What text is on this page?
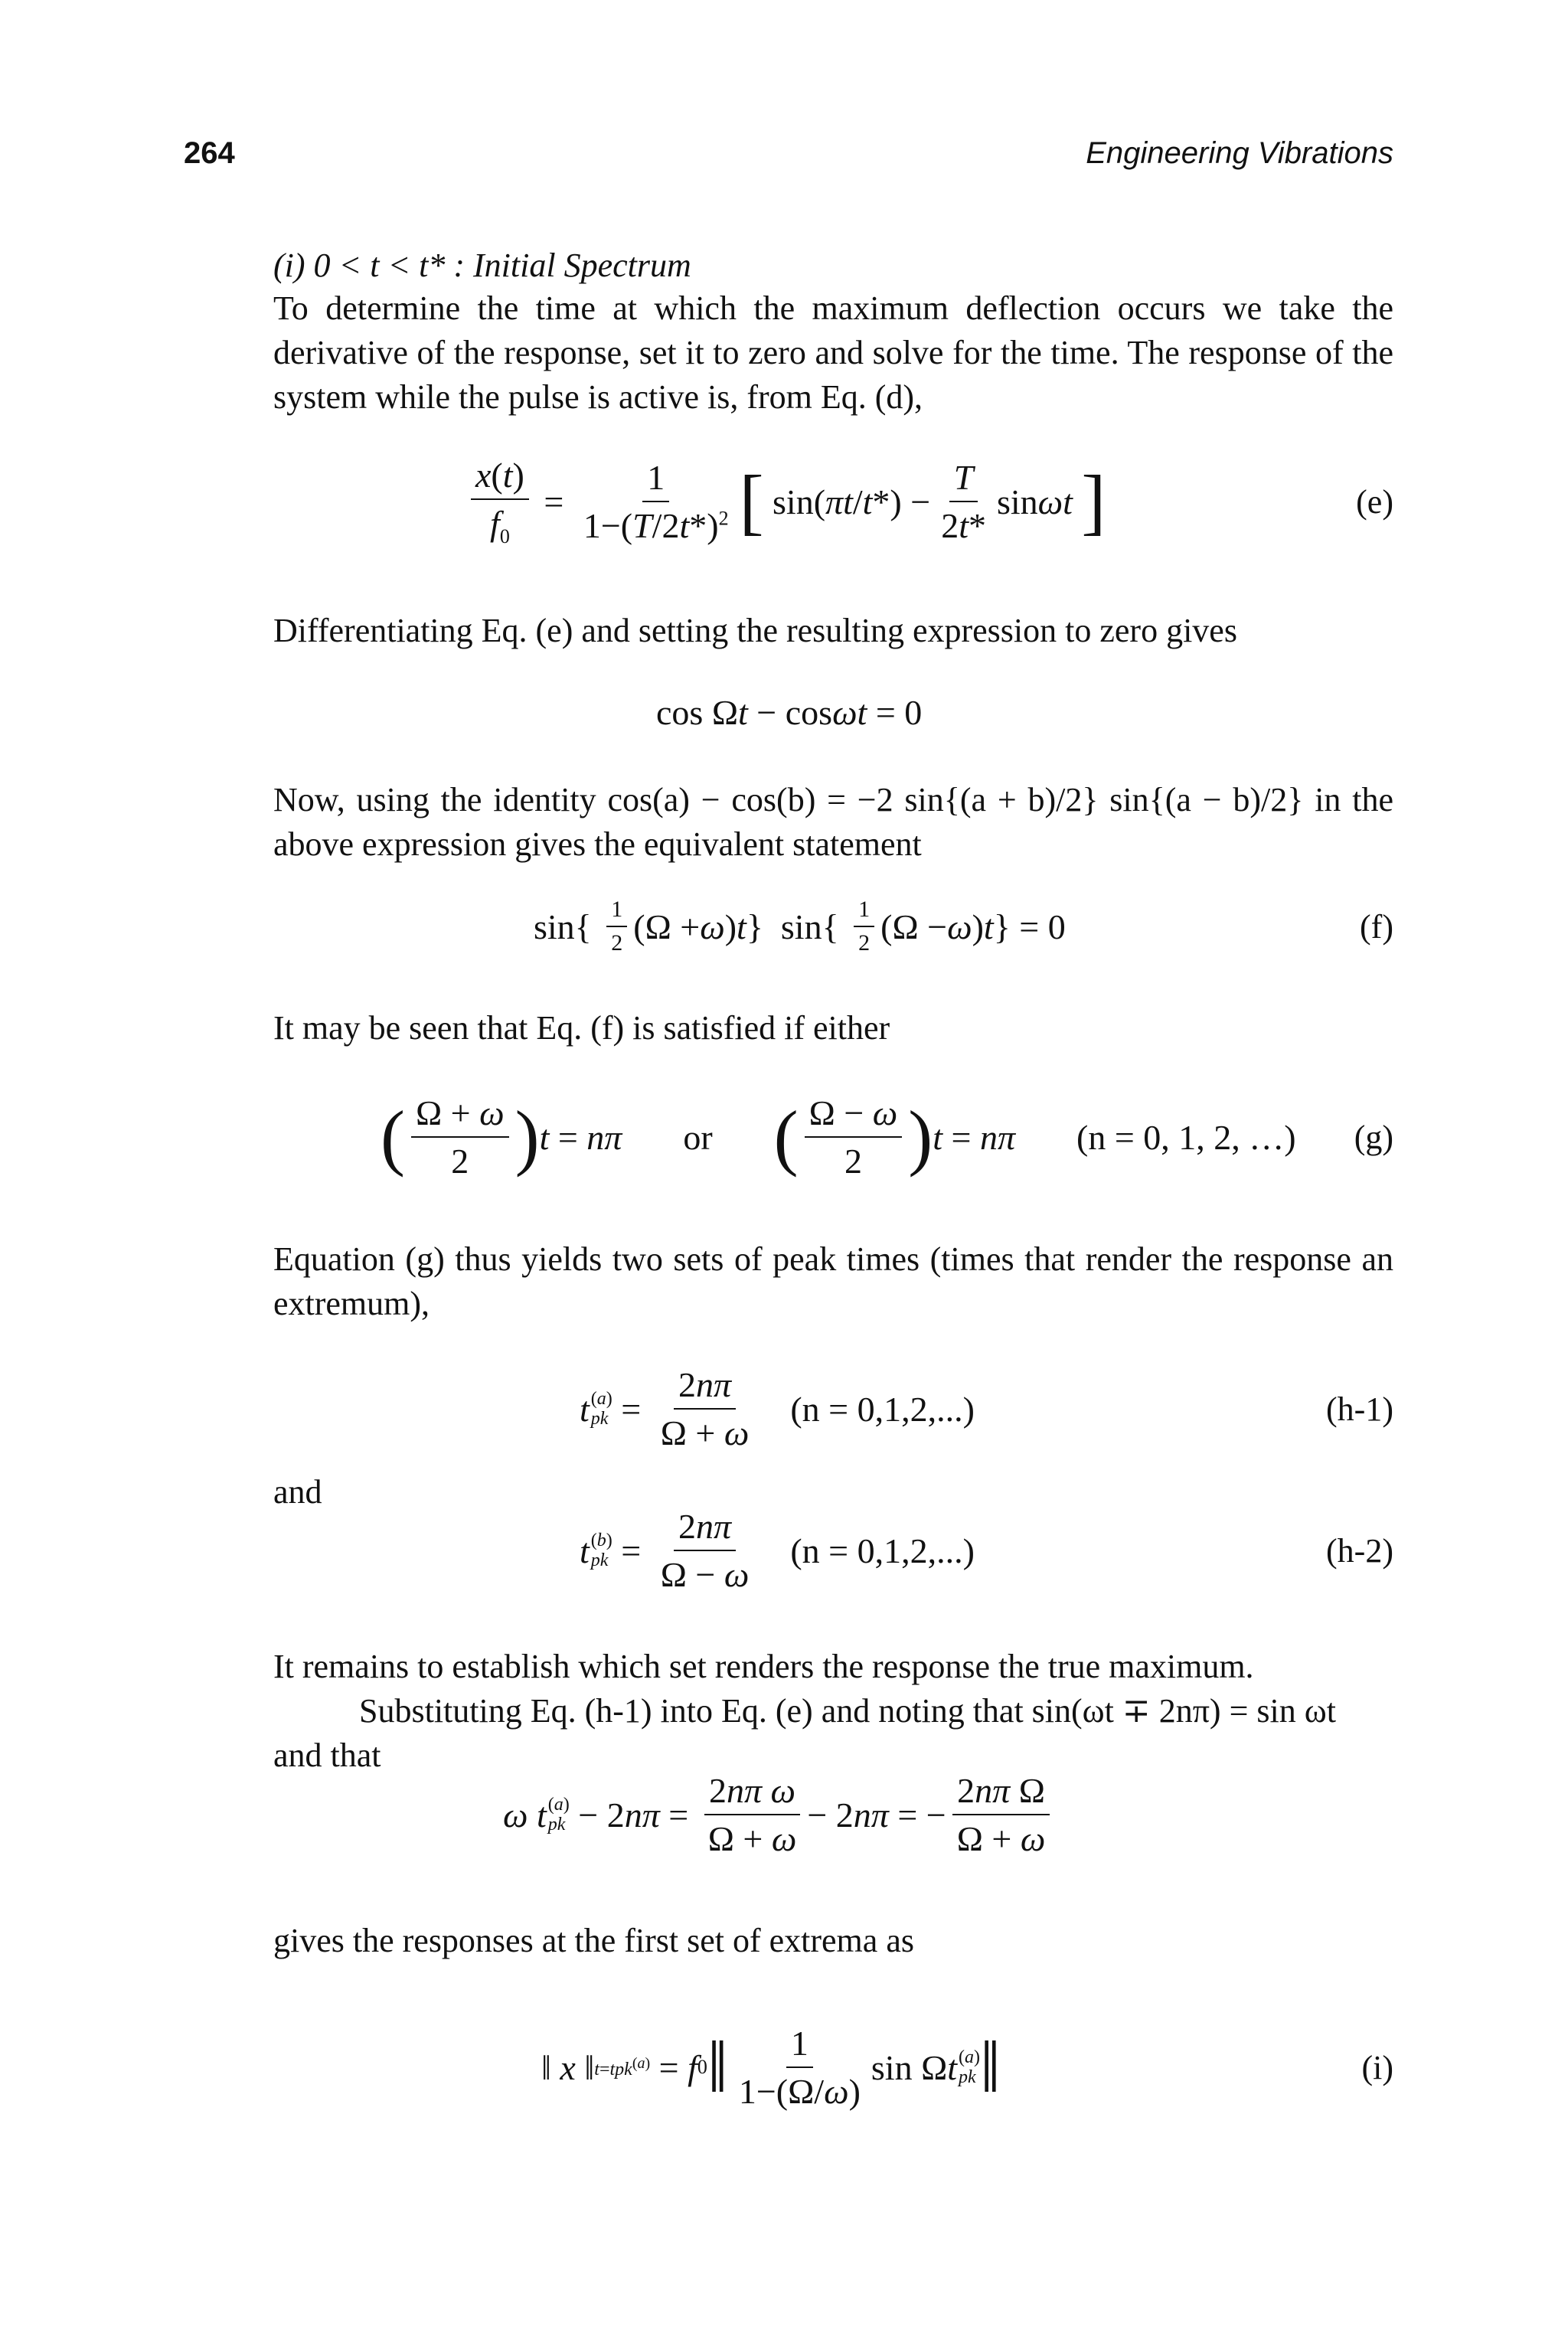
264	Engineering Vibrations

(i) 0 < t < t* : Initial Spectrum

To determine the time at which the maximum deflection occurs we take the derivative of the response, set it to zero and solve for the time. The response of the system while the pulse is active is, from Eq. (d),

$\frac{x(t)}{f_0} = \frac{1}{1-(T/2t*)^2}$ [ sin( πt / t *) − $\frac{T}{2t*}$ sin ωt
]	(e)

Differentiating Eq. (e) and setting the resulting expression to zero gives

cos Ω t − cos ωt = 0

Now, using the identity cos(a) − cos(b) = −2 sin{(a + b)/2} sin{(a − b)/2} in the above expression gives the equivalent statement

$\sin\{ \frac{1}{2} (\Omega + \omega$ ) t }  $\sin\{ \frac{1}{2} (\Omega - \omega$ ) t } = 0	(f)

It may be seen that Eq. (f) is satisfied if either

( $\frac{\Omega + \omega}{2}$ ) t = nπ or ( $\frac{\Omega - \omega}{2}$ ) t = nπ (n = 0, 1, 2, …) (g)

Equation (g) thus yields two sets of peak times (times that render the response an extremum),

t (a)
pk = $\frac{2n\pi}{\Omega + \omega} (n = 0,1,2,...)$	(h-1)

and

t (b)
pk = $\frac{2n\pi}{\Omega - \omega} (n = 0,1,2,...)$	(h-2)

It remains to establish which set renders the response the true maximum.

Substituting Eq. (h-1) into Eq. (e) and noting that sin(ωt ∓ 2nπ) = sin ωt

and that

ω t (a)
pk − 2 $n\pi = \frac{\text{2nπ ω}}{\Omega + \omega} - 2$ nπ = − $\frac{\text{2nπ Ω}}{\Omega + \omega}$

gives the responses at the first set of extrema as

‖ x ‖ t=tpk$^{(a)}$ = f 0 ‖ $\frac{1}{1-(\Omega/\omega)}$ sin Ω t (a)
pk ‖	(i)
